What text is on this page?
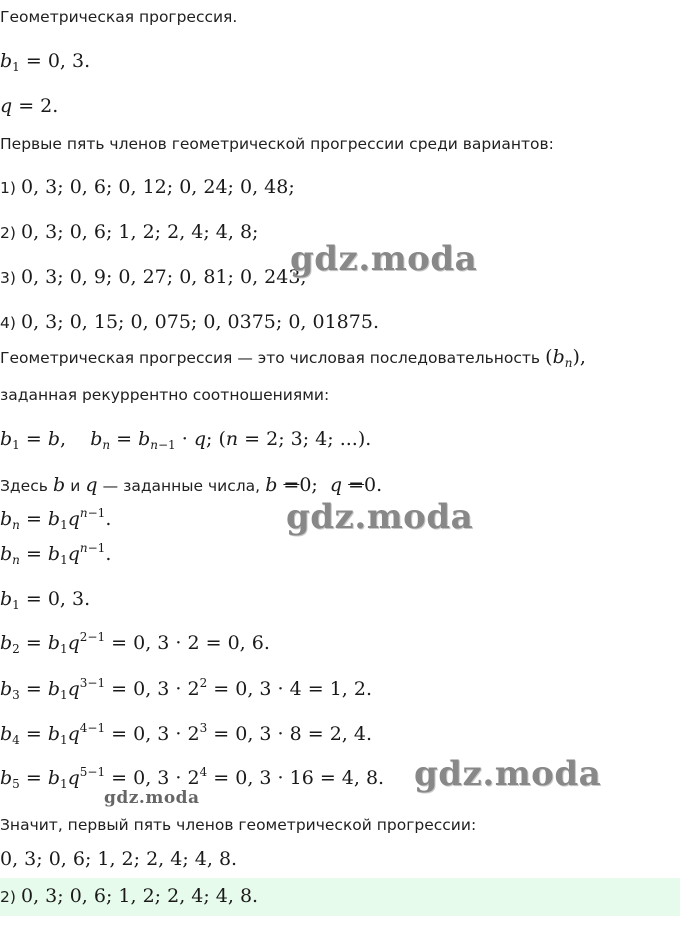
Геометрическая прогрессия.
$b_1 = 0$, 3.
q = 2.
Первые пять членов геометрической прогрессии среди вариантов:
1) 0, 3; 0, 6; 0, 12; 0, 24; 0, 48;
2) 0, 3; 0, 6; 1, 2; 2, 4; 4, 8;
3) 0, 3; 0, 9; 0, 27; 0, 81; 0, 243;
4) 0, 3; 0, 15; 0, 075; 0, 0375; 0, 01875.
Геометрическая прогрессия — это числовая последовательность $(b_n)$,
заданная рекуррентно соотношениями:
$b_1 = b$,    $b_n = b_{n-1} \cdot q$; (n = 2; 3; 4; ...).
Здесь b и q — заданные числа, b =0;  q =0.
$b_n = b_1q^{n-1}$.
$b_n = b_1q^{n-1}$.
$b_1 = 0$, 3.
$b_2 = b_1q^{2-1} = 0$, 3 · 2 = 0, 6.
$b_3 = b_1q^{3-1} = 0$, $3 \cdot 2^2 = 0$, 3 · 4 = 1, 2.
$b_4 = b_1q^{4-1} = 0$, $3 \cdot 2^3 = 0$, 3 · 8 = 2, 4.
$b_5 = b_1q^{5-1} = 0$, $3 \cdot 2^4 = 0$, 3 · 16 = 4, 8.
Значит, первый пять членов геометрической прогрессии:
0, 3; 0, 6; 1, 2; 2, 4; 4, 8.
2) 0, 3; 0, 6; 1, 2; 2, 4; 4, 8.
gdz.moda
gdz.moda
gdz.moda
gdz.moda
